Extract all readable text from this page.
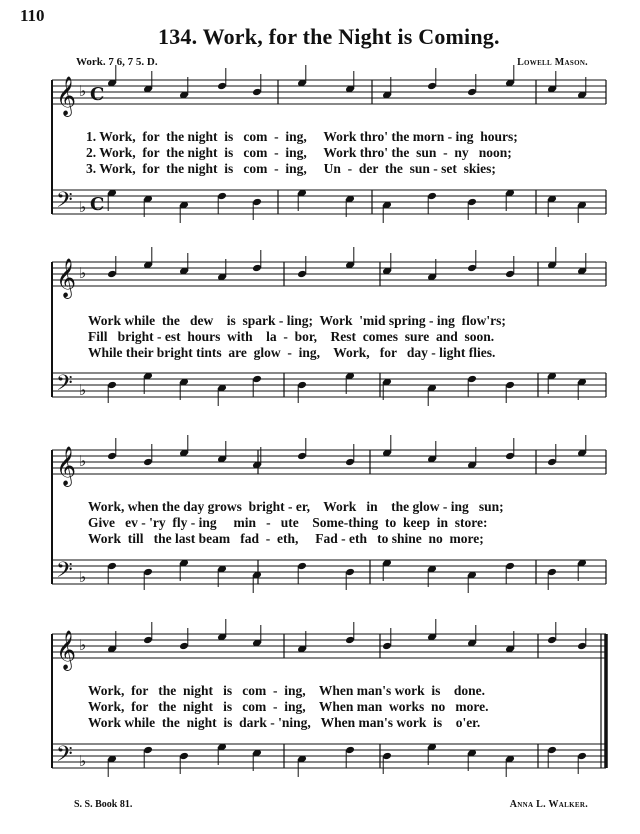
110
134. Work, for the Night is Coming.
Work. 7 6, 7 5. D.	Lowell Mason.
𝄞 ♭ C
𝄢 ♭ C
𝄞 ♭
𝄢 ♭
𝄞 ♭
𝄢 ♭
𝄞 ♭
𝄢 ♭
1. Work,  for  the night  is   com  -  ing,     Work thro' the morn - ing  hours;
2. Work,  for  the night  is   com  -  ing,     Work thro' the  sun  -  ny   noon;
3. Work,  for  the night  is   com  -  ing,     Un  -  der  the  sun - set  skies;
Work while  the   dew    is  spark - ling;  Work  'mid spring - ing  flow'rs;
Fill   bright - est  hours  with    la  -  bor,    Rest  comes  sure  and  soon.
While their bright tints  are  glow  -  ing,    Work,   for   day - light flies.
Work, when the day grows  bright - er,    Work   in    the glow - ing   sun;
Give   ev - 'ry  fly - ing     min   -   ute    Some-thing  to  keep  in  store:
Work  till   the last beam   fad  -  eth,     Fad - eth   to shine  no  more;
Work,  for   the  night   is   com  -  ing,    When man's work  is    done.
Work,  for   the  night   is   com  -  ing,    When man  works  no   more.
Work while  the  night  is  dark - 'ning,   When man's work  is    o'er.
S. S. Book 81.	Anna L. Walker.
